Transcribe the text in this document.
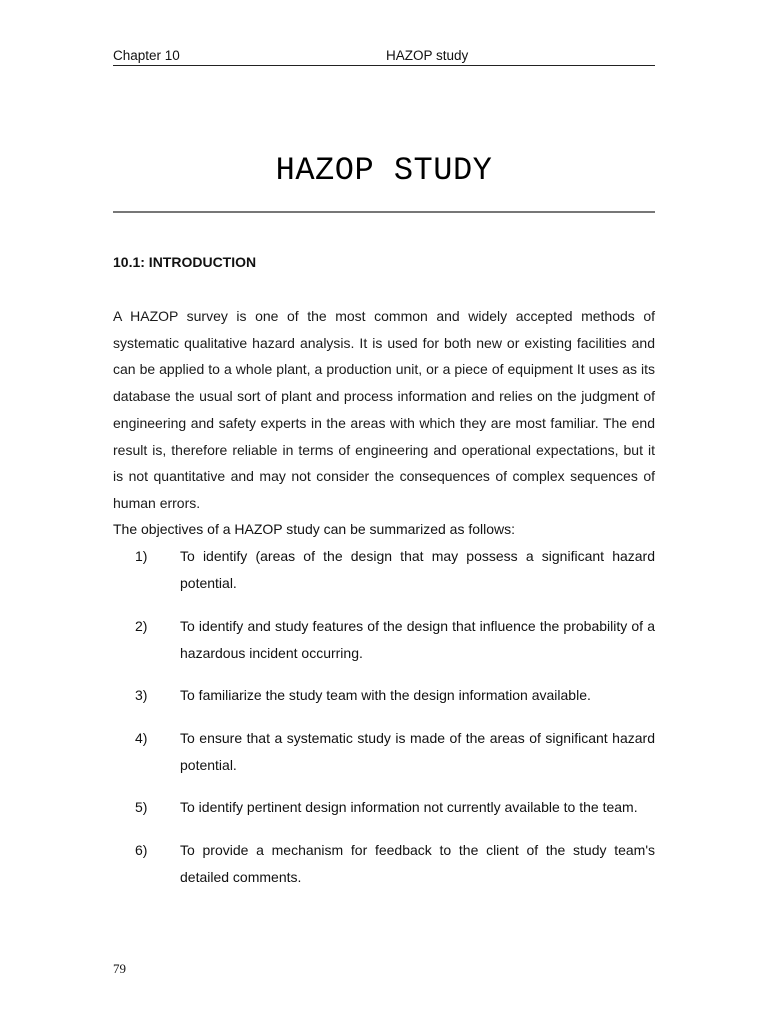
Chapter 10	HAZOP study
HAZOP STUDY
10.1: INTRODUCTION
A HAZOP survey is one of the most common and widely accepted methods of systematic qualitative hazard analysis. It is used for both new or existing facilities and can be applied to a whole plant, a production unit, or a piece of equipment It uses as its database the usual sort of plant and process information and relies on the judgment of engineering and safety experts in the areas with which they are most familiar. The end result is, therefore reliable in terms of engineering and operational expectations, but it is not quantitative and may not consider the consequences of complex sequences of human errors.
The objectives of a HAZOP study can be summarized as follows:
1) To identify (areas of the design that may possess a significant hazard potential.
2) To identify and study features of the design that influence the probability of a hazardous incident occurring.
3) To familiarize the study team with the design information available.
4) To ensure that a systematic study is made of the areas of significant hazard potential.
5) To identify pertinent design information not currently available to the team.
6) To provide a mechanism for feedback to the client of the study team's detailed comments.
79
